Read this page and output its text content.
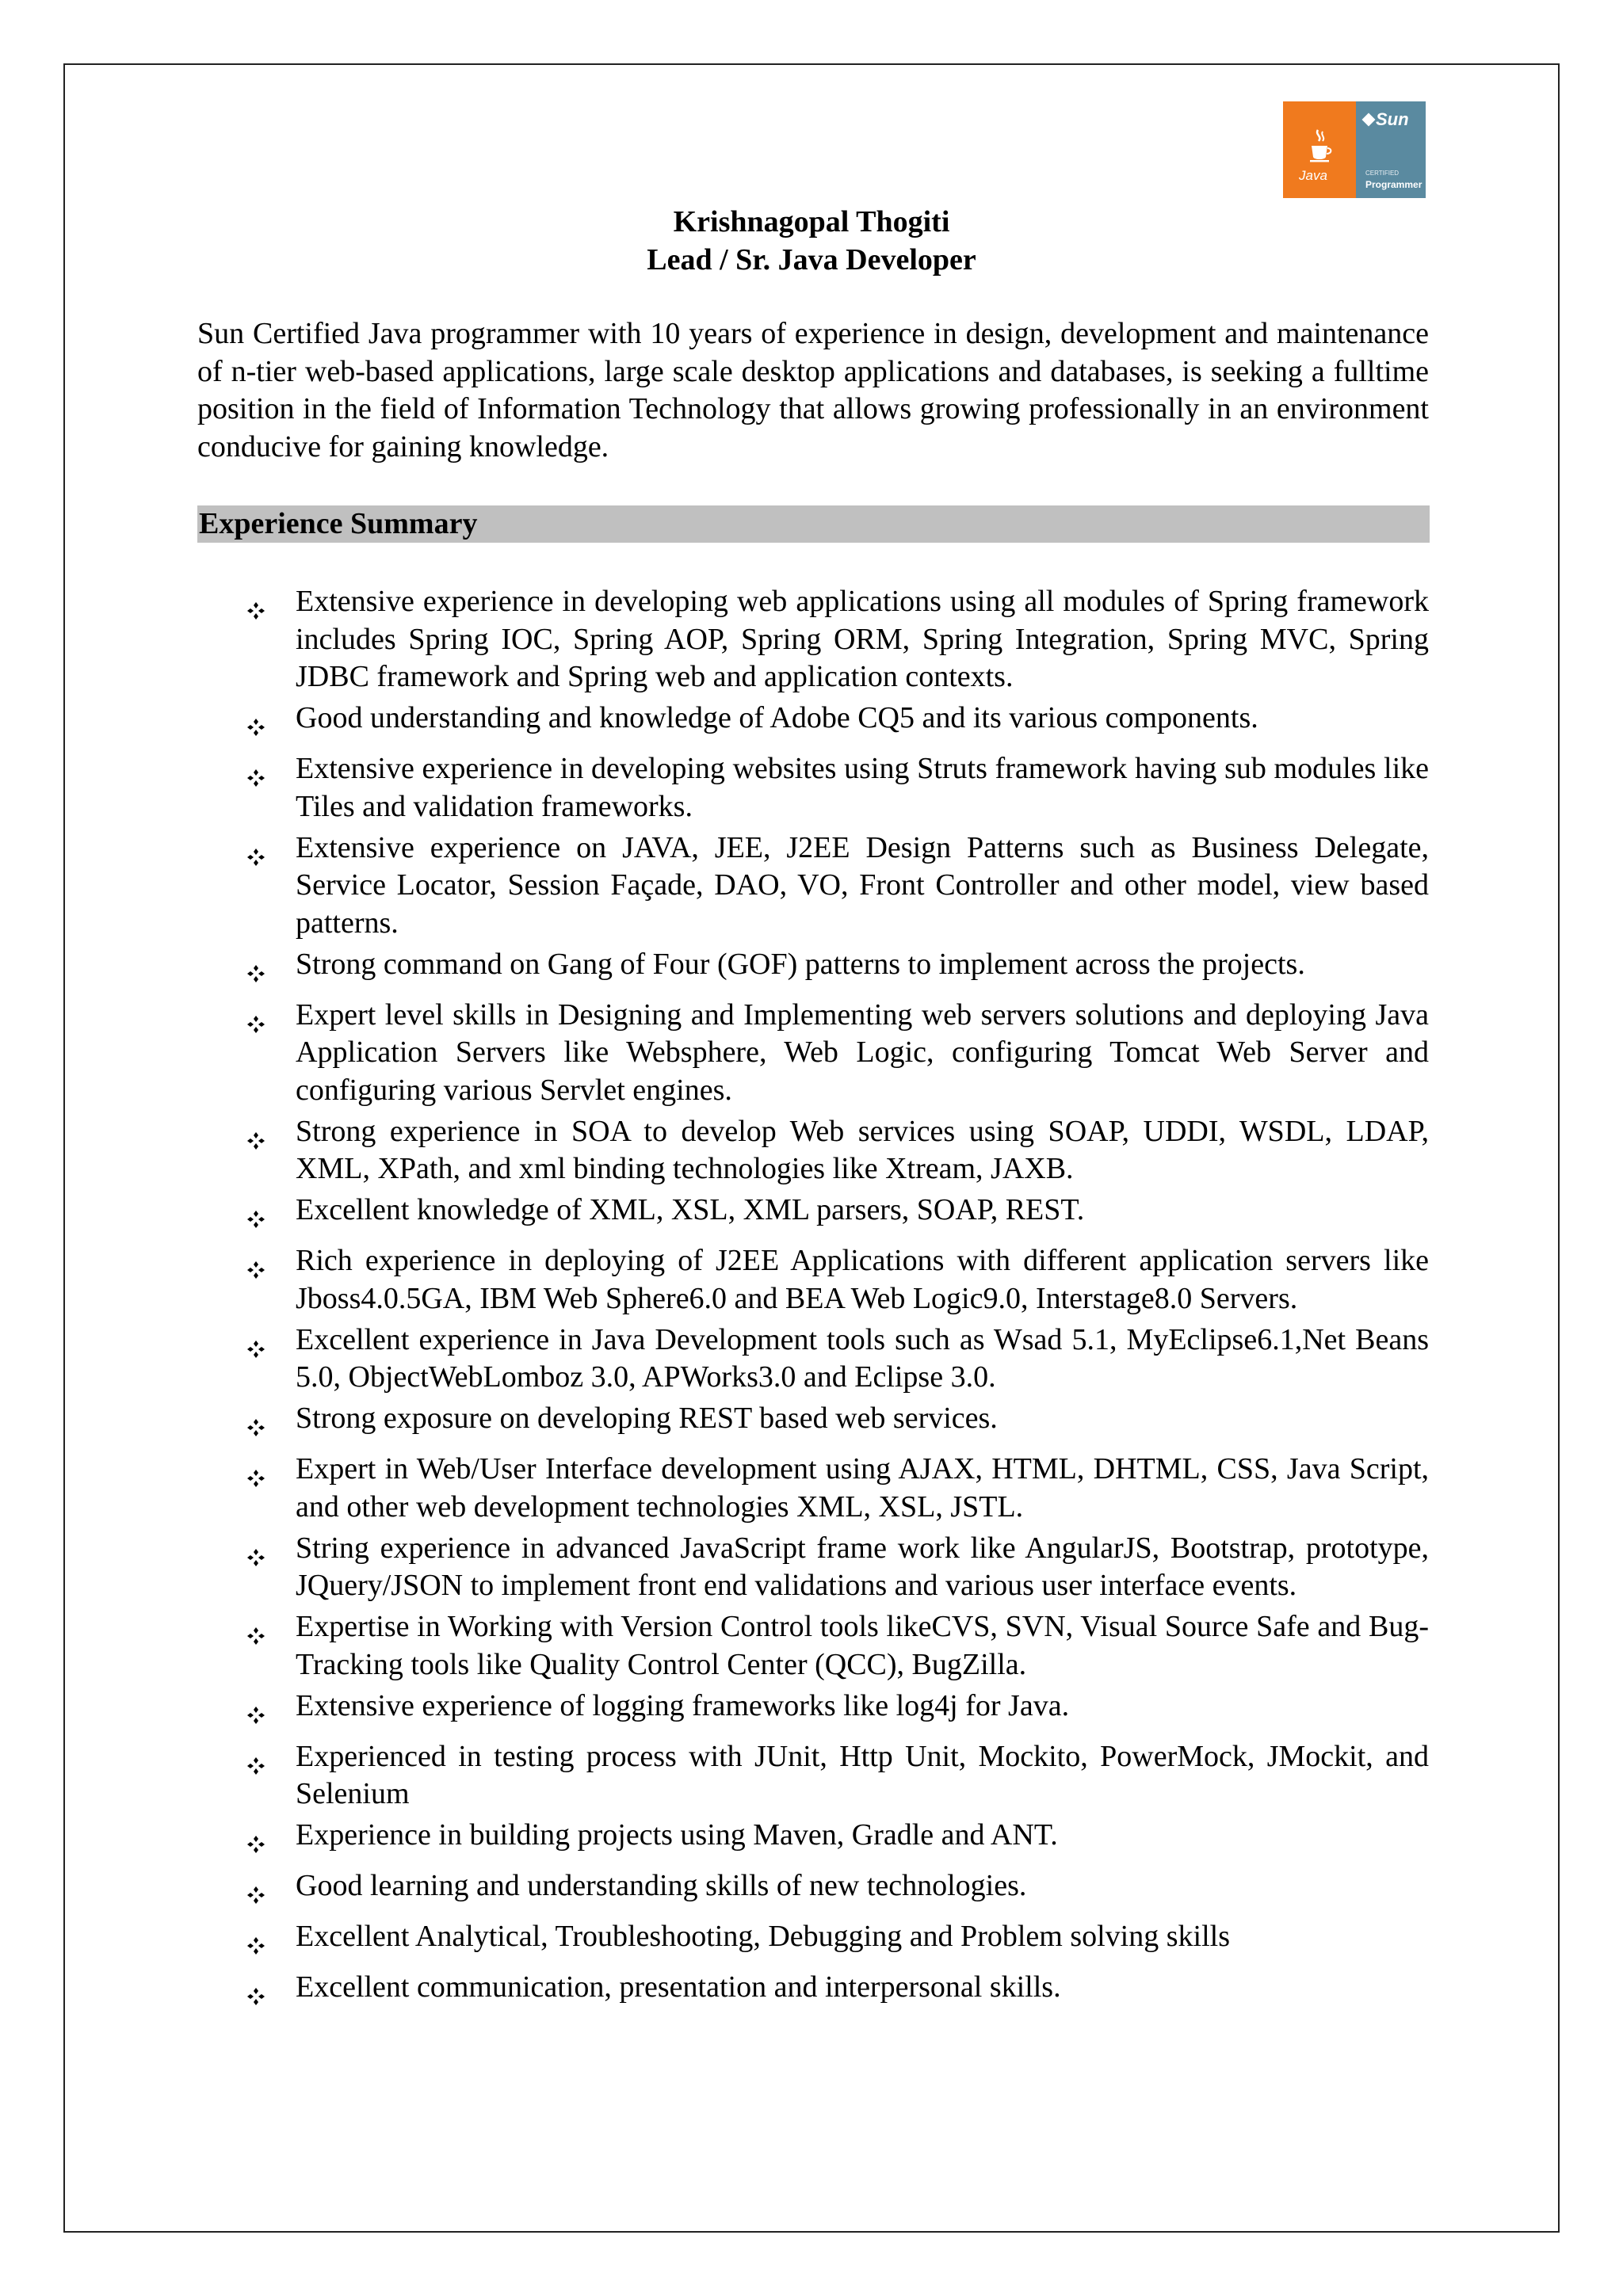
Java
Sun
CERTIFIED
Programmer
Krishnagopal Thogiti
Lead / Sr. Java Developer

Sun Certified Java programmer with 10 years of experience in design, development and maintenance of n-tier web-based applications, large scale desktop applications and databases, is seeking a fulltime position in the field of Information Technology that allows growing professionally in an environment conducive for gaining knowledge.

Experience Summary
Extensive experience in developing web applications using all modules of Spring framework includes Spring IOC, Spring AOP, Spring ORM, Spring Integration, Spring MVC, Spring JDBC framework and Spring web and application contexts.
Good understanding and knowledge of Adobe CQ5 and its various components.
Extensive experience in developing websites using Struts framework having sub modules like Tiles and validation frameworks.
Extensive experience on JAVA, JEE, J2EE Design Patterns such as Business Delegate, Service Locator, Session Façade, DAO, VO, Front Controller and other model, view based patterns.
Strong command on Gang of Four (GOF) patterns to implement across the projects.
Expert level skills in Designing and Implementing web servers solutions and deploying Java Application Servers like Websphere, Web Logic, configuring Tomcat Web Server and configuring various Servlet engines.
Strong experience in SOA to develop Web services using SOAP, UDDI, WSDL, LDAP, XML, XPath, and xml binding technologies like Xtream, JAXB.
Excellent knowledge of XML, XSL, XML parsers, SOAP, REST.
Rich experience in deploying of J2EE Applications with different application servers like Jboss4.0.5GA, IBM Web Sphere6.0 and BEA Web Logic9.0, Interstage8.0 Servers.
Excellent experience in Java Development tools such as Wsad 5.1, MyEclipse6.1,Net Beans 5.0, ObjectWebLomboz 3.0, APWorks3.0 and Eclipse 3.0.
Strong exposure on developing REST based web services.
Expert in Web/User Interface development using AJAX, HTML, DHTML, CSS, Java Script, and other web development technologies XML, XSL, JSTL.
String experience in advanced JavaScript frame work like AngularJS, Bootstrap, prototype, JQuery/JSON to implement front end validations and various user interface events.
Expertise in Working with Version Control tools likeCVS, SVN, Visual Source Safe and Bug-Tracking tools like Quality Control Center (QCC), BugZilla.
Extensive experience of logging frameworks like log4j for Java.
Experienced in testing process with JUnit, Http Unit, Mockito, PowerMock, JMockit, and Selenium
Experience in building projects using Maven, Gradle and ANT.
Good learning and understanding skills of new technologies.
Excellent Analytical, Troubleshooting, Debugging and Problem solving skills
Excellent communication, presentation and interpersonal skills.
